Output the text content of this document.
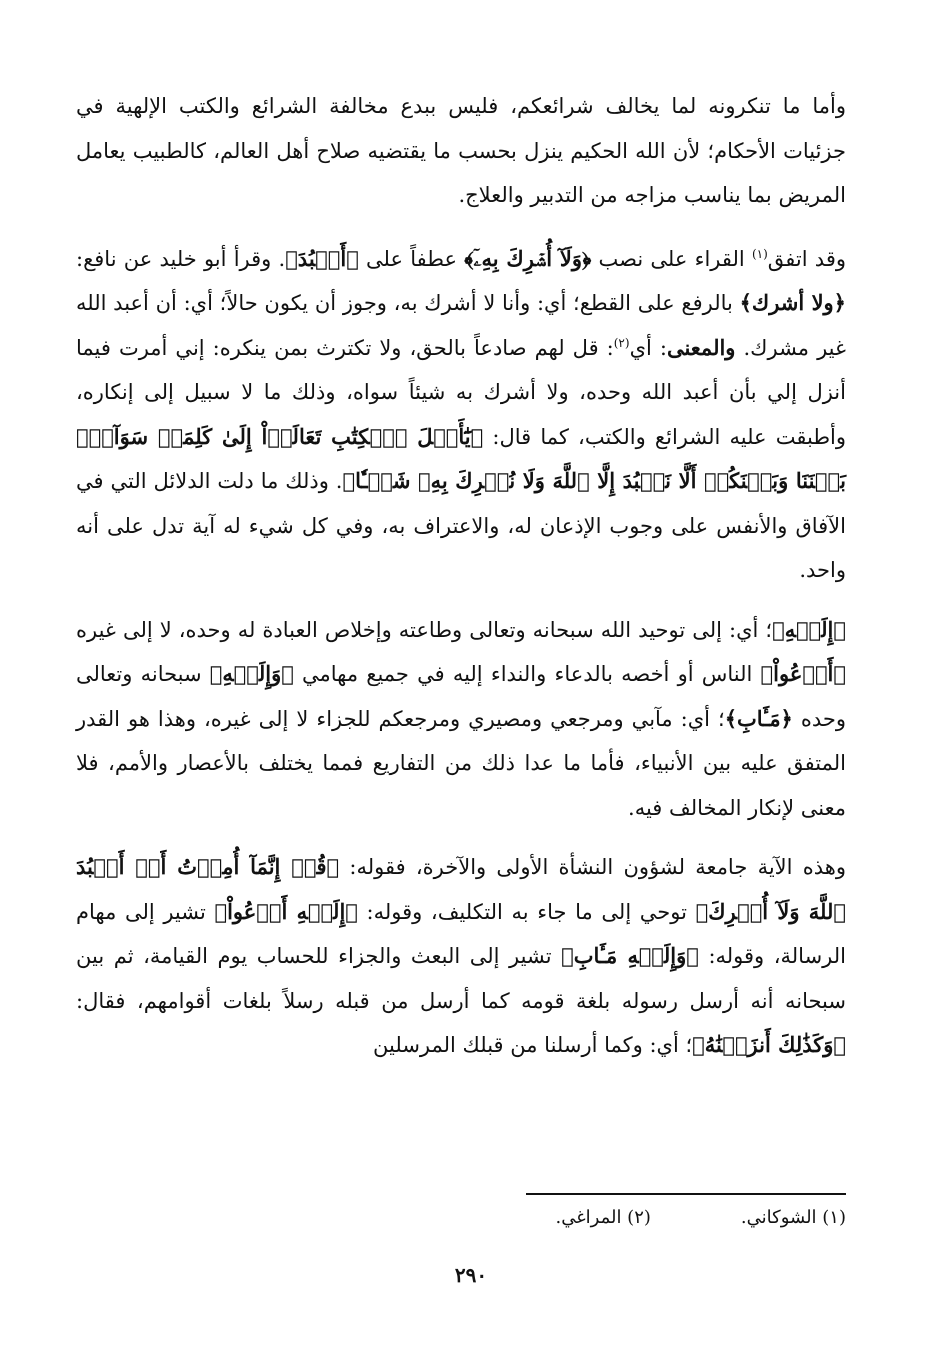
وأما ما تنكرونه لما يخالف شرائعكم، فليس ببدع مخالفة الشرائع والكتب الإلهية في جزئيات الأحكام؛ لأن الله الحكيم ينزل بحسب ما يقتضيه صلاح أهل العالم، كالطبيب يعامل المريض بما يناسب مزاجه من التدبير والعلاج.

وقد اتفق$^{(١)}$ القراء على نصب ﴿وَلَآ أُشۡرِكَ بِهِۦٓ﴾ عطفاً على ﴿أَعۡبُدَ﴾. وقرأ أبو خليد عن نافع: ﴿ولا أشرك﴾ بالرفع على القطع؛ أي: وأنا لا أشرك به، وجوز أن يكون حالاً؛ أي: أن أعبد الله غير مشرك. والمعنى: أي$^{(٢)}$: قل لهم صادعاً بالحق، ولا تكترث بمن ينكره: إني أمرت فيما أنزل إلي بأن أعبد الله وحده، ولا أشرك به شيئاً سواه، وذلك ما لا سبيل إلى إنكاره، وأطبقت عليه الشرائع والكتب، كما قال: ﴿يَٰٓأَهۡلَ ٱلۡكِتَٰبِ تَعَالَوۡاْ إِلَىٰ كَلِمَةٖ سَوَآءِۭ بَيۡنَنَا وَبَيۡنَكُمۡ أَلَّا نَعۡبُدَ إِلَّا ٱللَّهَ وَلَا نُشۡرِكَ بِهِۦ شَيۡـٔٗا﴾. وذلك ما دلت الدلائل التي في الآفاق والأنفس على وجوب الإذعان له، والاعتراف به، وفي كل شيء له آية تدل على أنه واحد.

﴿إِلَيۡهِ﴾؛ أي: إلى توحيد الله سبحانه وتعالى وطاعته وإخلاص العبادة له وحده، لا إلى غيره ﴿أَدۡعُواْ﴾ الناس أو أخصه بالدعاء والنداء إليه في جميع مهامي ﴿وَإِلَيۡهِ﴾ سبحانه وتعالى وحده ﴿مَـَٔابِ﴾؛ أي: مآبي ومرجعي ومصيري ومرجعكم للجزاء لا إلى غيره، وهذا هو القدر المتفق عليه بين الأنبياء، فأما ما عدا ذلك من التفاريع فمما يختلف بالأعصار والأمم، فلا معنى لإنكار المخالف فيه.

وهذه الآية جامعة لشؤون النشأة الأولى والآخرة، فقوله: ﴿قُلۡ إِنَّمَآ أُمِرۡتُ أَنۡ أَعۡبُدَ ٱللَّهَ وَلَآ أُشۡرِكَ﴾ توحي إلى ما جاء به التكليف، وقوله: ﴿إِلَيۡهِ أَدۡعُواْ﴾ تشير إلى مهام الرسالة، وقوله: ﴿وَإِلَيۡهِ مَـَٔابِ﴾ تشير إلى البعث والجزاء للحساب يوم القيامة، ثم بين سبحانه أنه أرسل رسوله بلغة قومه كما أرسل من قبله رسلاً بلغات أقوامهم، فقال: ﴿وَكَذَٰلِكَ أَنزَلۡنَٰهُ﴾؛ أي: وكما أرسلنا من قبلك المرسلين

(١) الشوكاني.
(٢) المراغي.
٢٩٠
